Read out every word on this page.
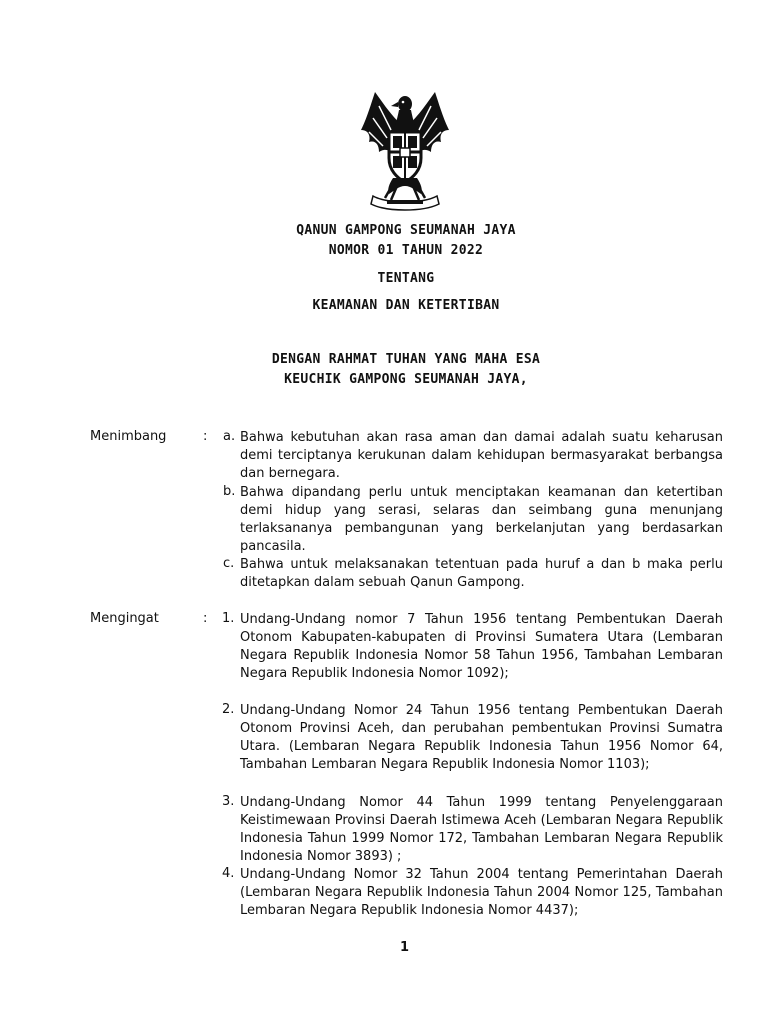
QANUN GAMPONG SEUMANAH JAYA
NOMOR 01 TAHUN 2022
TENTANG
KEAMANAN DAN KETERTIBAN
DENGAN RAHMAT TUHAN YANG MAHA ESA
KEUCHIK GAMPONG SEUMANAH JAYA,
Menimbang	: a. Bahwa kebutuhan akan rasa aman dan damai adalah suatu keharusan demi terciptanya kerukunan dalam kehidupan bermasyarakat berbangsa dan bernegara.
b. Bahwa dipandang perlu untuk menciptakan keamanan dan ketertiban demi hidup yang serasi, selaras dan seimbang guna menunjang terlaksananya pembangunan yang berkelanjutan yang berdasarkan pancasila.
c. Bahwa untuk melaksanakan tetentuan pada huruf a dan b maka perlu ditetapkan dalam sebuah Qanun Gampong.
Mengingat	: 1. Undang-Undang nomor 7 Tahun 1956 tentang Pembentukan Daerah Otonom Kabupaten-kabupaten di Provinsi Sumatera Utara (Lembaran Negara Republik Indonesia Nomor 58 Tahun 1956, Tambahan Lembaran Negara Republik Indonesia Nomor 1092);
2. Undang-Undang Nomor 24 Tahun 1956 tentang Pembentukan Daerah Otonom Provinsi Aceh, dan perubahan pembentukan Provinsi Sumatra Utara. (Lembaran Negara Republik Indonesia Tahun 1956 Nomor 64, Tambahan Lembaran Negara Republik Indonesia Nomor 1103);
3. Undang-Undang Nomor 44 Tahun 1999 tentang Penyelenggaraan Keistimewaan Provinsi Daerah Istimewa Aceh (Lembaran Negara Republik Indonesia Tahun 1999 Nomor 172, Tambahan Lembaran Negara Republik Indonesia Nomor 3893) ;
4. Undang-Undang Nomor 32 Tahun 2004 tentang Pemerintahan Daerah (Lembaran Negara Republik Indonesia Tahun 2004 Nomor 125, Tambahan Lembaran Negara Republik Indonesia Nomor 4437);
1
